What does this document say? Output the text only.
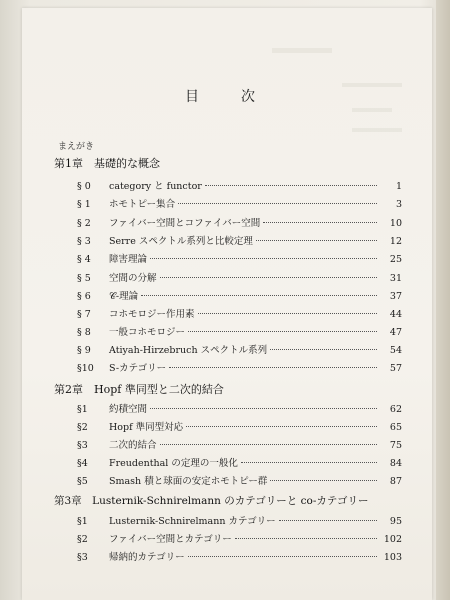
目　次
まえがき
第1章　基礎的な概念
§ 0	category と functor	1
§ 1	ホモトピー集合	3
§ 2	ファイバー空間とコファイバー空間	10
§ 3	Serre スペクトル系列と比較定理	12
§ 4	障害理論	25
§ 5	空間の分解	31
§ 6	𝒞-理論	37
§ 7	コホモロジー作用素	44
§ 8	一般コホモロジー	47
§ 9	Atiyah-Hirzebruch スペクトル系列	54
§10	S-カテゴリー	57
第2章　Hopf 準同型と二次的結合
§1	約積空間	62
§2	Hopf 準同型対応	65
§3	二次的結合	75
§4	Freudenthal の定理の一般化	84
§5	Smash 積と球面の安定ホモトピー群	87
第3章　Lusternik-Schnirelmann のカテゴリーと co-カテゴリー
§1	Lusternik-Schnirelmann カテゴリー	95
§2	ファイバー空間とカテゴリー	102
§3	帰納的カテゴリー	103
